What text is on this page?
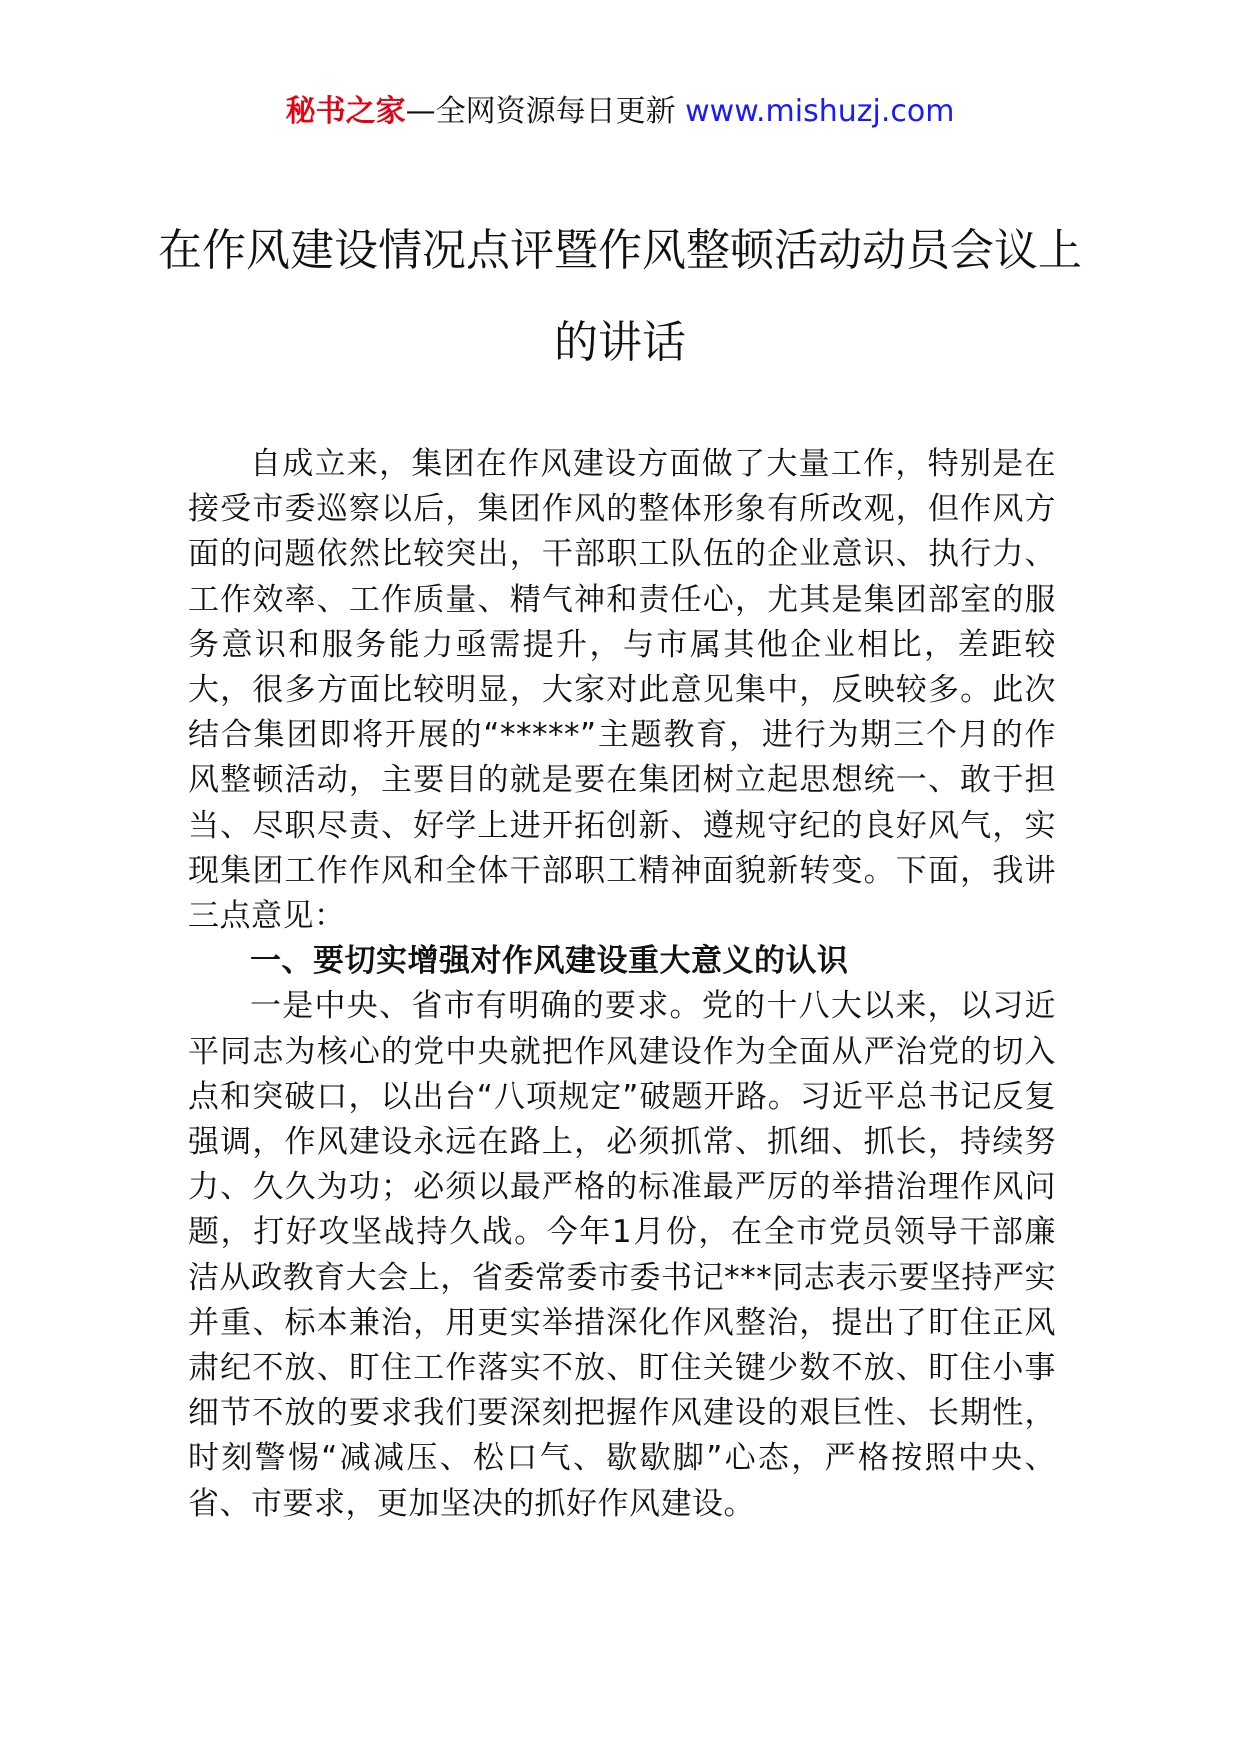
秘书之家—全网资源每日更新 www.mishuzj.com
在作风建设情况点评暨作风整顿活动动员会议上的讲话

自成立来，集团在作风建设方面做了大量工作，特别是在接受市委巡察以后，集团作风的整体形象有所改观，但作风方面的问题依然比较突出，干部职工队伍的企业意识、执行力、工作效率、工作质量、精气神和责任心，尤其是集团部室的服务意识和服务能力亟需提升，与市属其他企业相比，差距较大，很多方面比较明显，大家对此意见集中，反映较多。此次结合集团即将开展的“*****”主题教育，进行为期三个月的作风整顿活动，主要目的就是要在集团树立起思想统一、敢于担当、尽职尽责、好学上进开拓创新、遵规守纪的良好风气，实现集团工作作风和全体干部职工精神面貌新转变。下面，我讲三点意见：

一、要切实增强对作风建设重大意义的认识

一是中央、省市有明确的要求。党的十八大以来，以习近平同志为核心的党中央就把作风建设作为全面从严治党的切入点和突破口，以出台“八项规定”破题开路。习近平总书记反复强调，作风建设永远在路上，必须抓常、抓细、抓长，持续努力、久久为功；必须以最严格的标准最严厉的举措治理作风问题，打好攻坚战持久战。今年1月份，在全市党员领导干部廉洁从政教育大会上，省委常委市委书记***同志表示要坚持严实并重、标本兼治，用更实举措深化作风整治，提出了盯住正风肃纪不放、盯住工作落实不放、盯住关键少数不放、盯住小事细节不放的要求我们要深刻把握作风建设的艰巨性、长期性，时刻警惕“减减压、松口气、歇歇脚”心态，严格按照中央、省、市要求，更加坚决的抓好作风建设。
